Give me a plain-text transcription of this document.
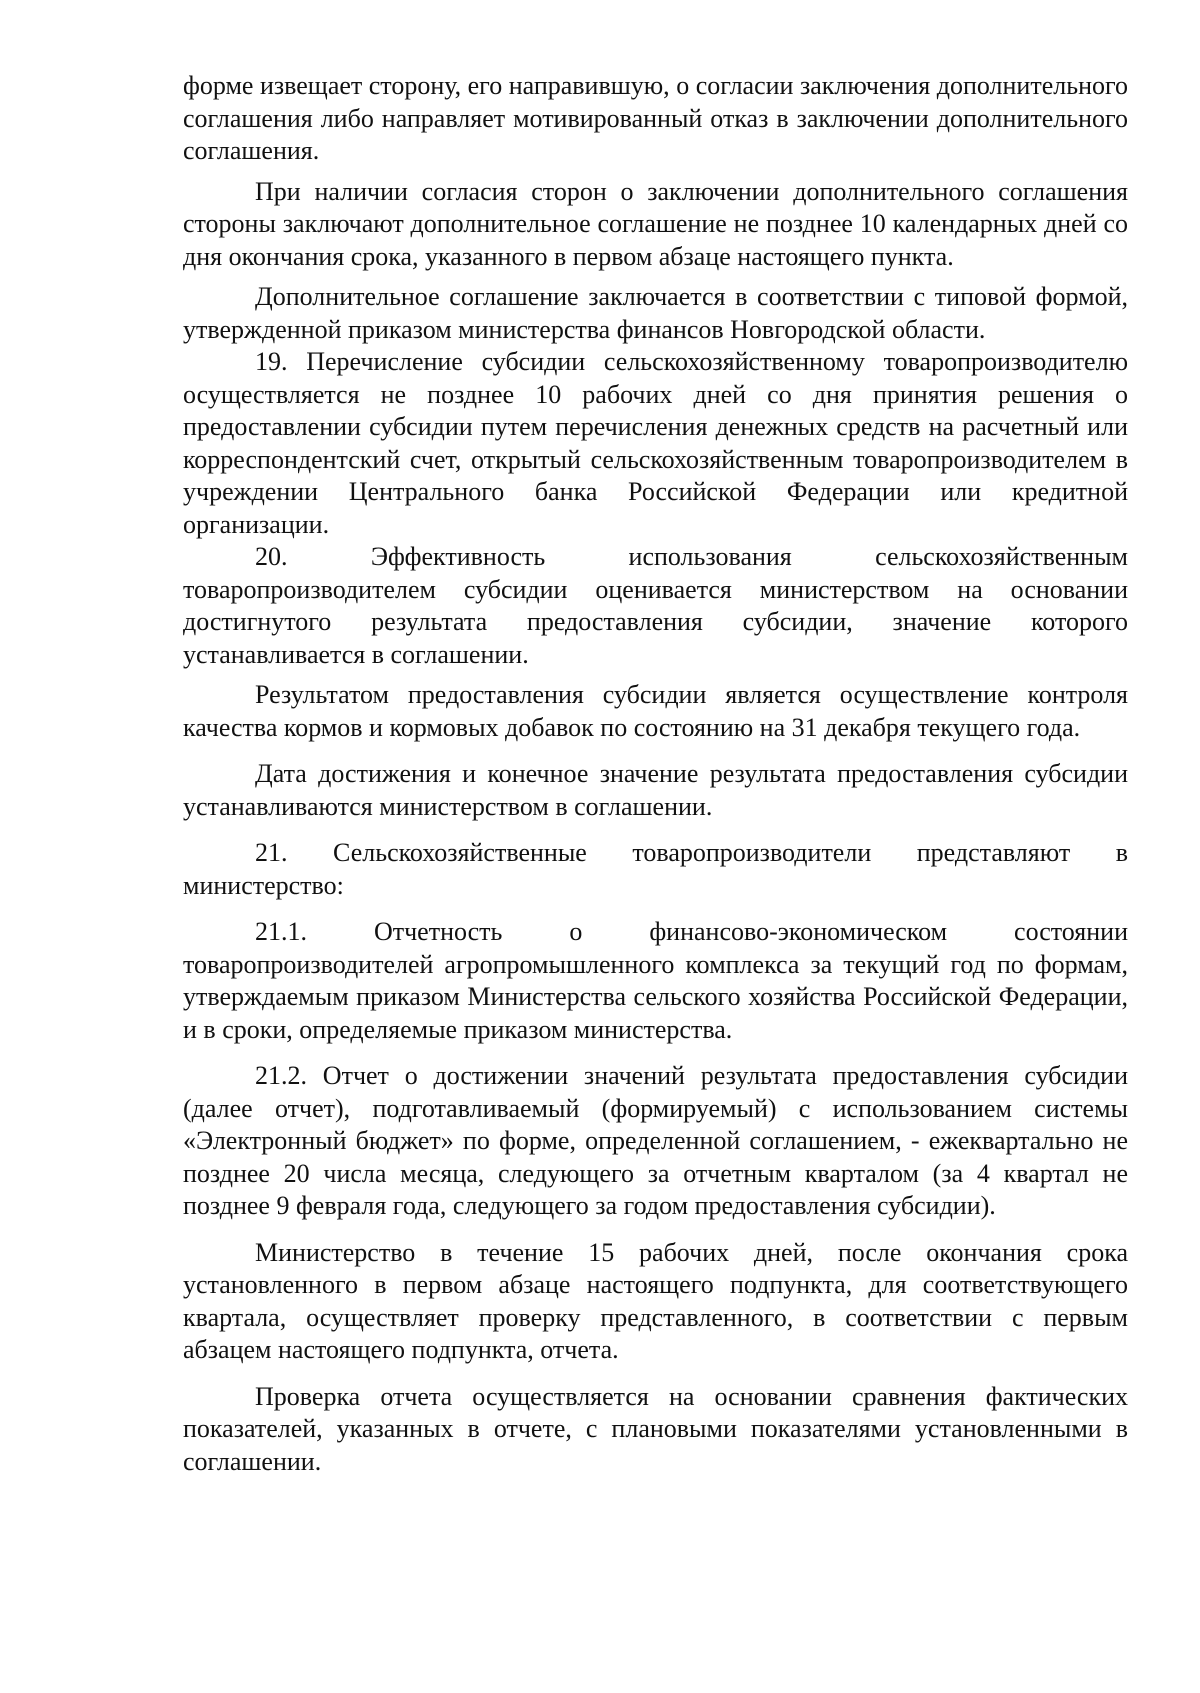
форме извещает сторону, его направившую, о согласии заключения дополнительного соглашения либо направляет мотивированный отказ в заключении дополнительного соглашения.

При наличии согласия сторон о заключении дополнительного соглашения стороны заключают дополнительное соглашение не позднее 10 календарных дней со дня окончания срока, указанного в первом абзаце настоящего пункта.

Дополнительное соглашение заключается в соответствии с типовой формой, утвержденной приказом министерства финансов Новгородской области.

19. Перечисление субсидии сельскохозяйственному товаропроизводителю осуществляется не позднее 10 рабочих дней со дня принятия решения о предоставлении субсидии путем перечисления денежных средств на расчетный или корреспондентский счет, открытый сельскохозяйственным товаропроизводителем в учреждении Центрального банка Российской Федерации или кредитной организации.

20. Эффективность использования сельскохозяйственным товаропроизводителем субсидии оценивается министерством на основании достигнутого результата предоставления субсидии, значение которого устанавливается в соглашении.

Результатом предоставления субсидии является осуществление контроля качества кормов и кормовых добавок по состоянию на 31 декабря текущего года.

Дата достижения и конечное значение результата предоставления субсидии устанавливаются министерством в соглашении.

21. Сельскохозяйственные товаропроизводители представляют в министерство:

21.1. Отчетность о финансово-экономическом состоянии товаропроизводителей агропромышленного комплекса за текущий год по формам, утверждаемым приказом Министерства сельского хозяйства Российской Федерации, и в сроки, определяемые приказом министерства.

21.2. Отчет о достижении значений результата предоставления субсидии (далее отчет), подготавливаемый (формируемый) с использованием системы «Электронный бюджет» по форме, определенной соглашением, - ежеквартально не позднее 20 числа месяца, следующего за отчетным кварталом (за 4 квартал не позднее 9 февраля года, следующего за годом предоставления субсидии).

Министерство в течение 15 рабочих дней, после окончания срока установленного в первом абзаце настоящего подпункта, для соответствующего квартала, осуществляет проверку представленного, в соответствии с первым абзацем настоящего подпункта, отчета.

Проверка отчета осуществляется на основании сравнения фактических показателей, указанных в отчете, с плановыми показателями установленными в соглашении.
